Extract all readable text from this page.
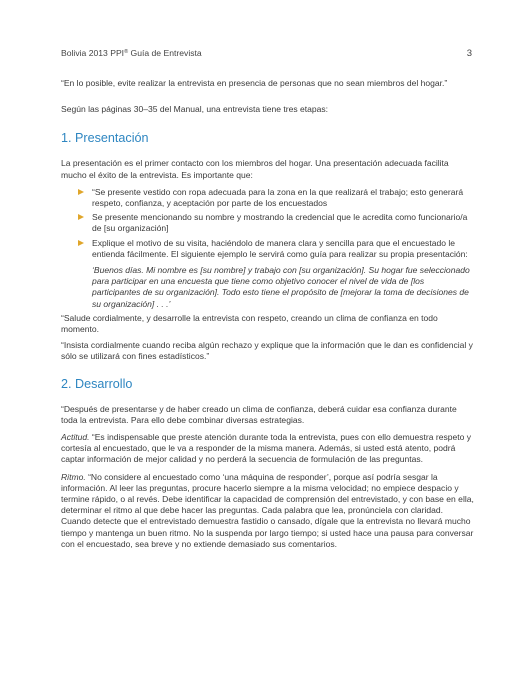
Bolivia 2013 PPI® Guía de Entrevista	3

“En lo posible, evite realizar la entrevista en presencia de personas que no sean miembros del hogar.”

Según las páginas 30–35 del Manual, una entrevista tiene tres etapas:

1. Presentación

La presentación es el primer contacto con los miembros del hogar. Una presentación adecuada facilita mucho el éxito de la entrevista. Es importante que:

“Se presente vestido con ropa adecuada para la zona en la que realizará el trabajo; esto generará respeto, confianza, y aceptación por parte de los encuestados
Se presente mencionando su nombre y mostrando la credencial que le acredita como funcionario/a de [su organización]
Explique el motivo de su visita, haciéndolo de manera clara y sencilla para que el encuestado le entienda fácilmente. El siguiente ejemplo le servirá como guía para realizar su propia presentación:

‘Buenos días. Mi nombre es [su nombre] y trabajo con [su organización]. Su hogar fue seleccionado para participar en una encuesta que tiene como objetivo conocer el nivel de vida de [los participantes de su organización]. Todo esto tiene el propósito de [mejorar la toma de decisiones de su organización] . . .’

“Salude cordialmente, y desarrolle la entrevista con respeto, creando un clima de confianza en todo momento.

“Insista cordialmente cuando reciba algún rechazo y explique que la información que le dan es confidencial y sólo se utilizará con fines estadísticos.”

2. Desarrollo

“Después de presentarse y de haber creado un clima de confianza, deberá cuidar esa confianza durante toda la entrevista. Para ello debe combinar diversas estrategias.

Actitud. “Es indispensable que preste atención durante toda la entrevista, pues con ello demuestra respeto y cortesía al encuestado, que le va a responder de la misma manera. Además, si usted está atento, podrá captar información de mejor calidad y no perderá la secuencia de formulación de las preguntas.

Ritmo. “No considere al encuestado como ‘una máquina de responder’, porque así podría sesgar la información. Al leer las preguntas, procure hacerlo siempre a la misma velocidad; no empiece despacio y termine rápido, o al revés. Debe identificar la capacidad de comprensión del entrevistado, y con base en ella, determinar el ritmo al que debe hacer las preguntas. Cada palabra que lea, pronúnciela con claridad. Cuando detecte que el entrevistado demuestra fastidio o cansado, dígale que la entrevista no llevará mucho tiempo y mantenga un buen ritmo. No la suspenda por largo tiempo; si usted hace una pausa para conversar con el encuestado, sea breve y no extiende demasiado sus comentarios.
